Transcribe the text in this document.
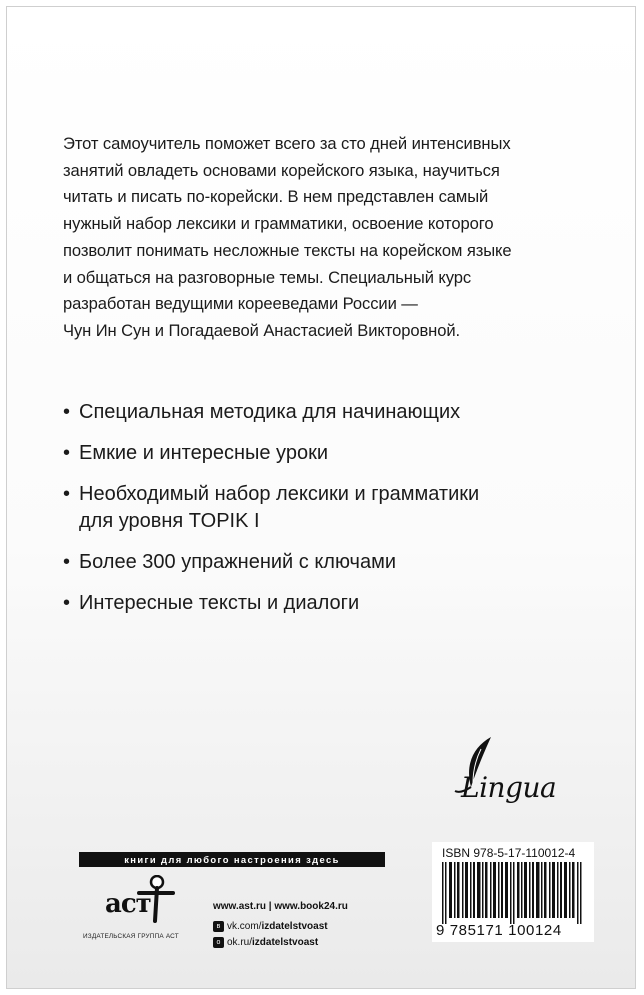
Этот самоучитель поможет всего за сто дней интенсивных
занятий овладеть основами корейского языка, научиться
читать и писать по-корейски. В нем представлен самый
нужный набор лексики и грамматики, освоение которого
позволит понимать несложные тексты на корейском языке
и общаться на разговорные темы. Специальный курс
разработан ведущими корееведами России —
Чун Ин Сун и Погадаевой Анастасией Викторовной.
• Специальная методика для начинающих
• Емкие и интересные уроки
• Необходимый набор лексики и грамматики
для уровня TOPIK I
• Более 300 упражнений с ключами
• Интересные тексты и диалоги
Lingua
книги для любого настроения здесь
аст
ИЗДАТЕЛЬСКАЯ ГРУППА АСТ
www.ast.ru | www.book24.ru
в vk.com/ izdatelstvoast
о ok.ru/ izdatelstvoast
ISBN 978-5-17-110012-4
9 785171 100124
